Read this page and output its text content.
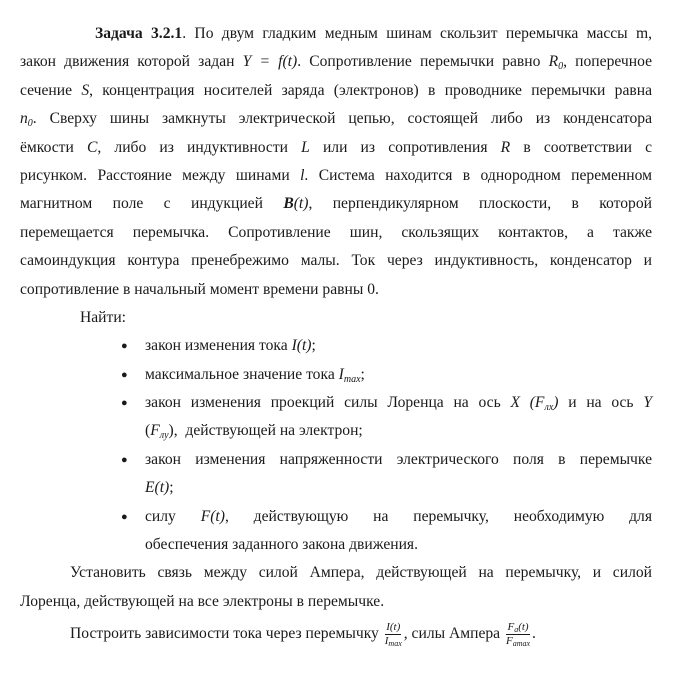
Задача 3.2.1. По двум гладким медным шинам скользит перемычка массы m,
закон движения которой задан Y = f(t). Сопротивление перемычки равно $R_0$, поперечное
сечение S, концентрация носителей заряда (электронов) в проводнике перемычки равна
$n_0$. Сверху шины замкнуты электрической цепью, состоящей либо из конденсатора
ёмкости C, либо из индуктивности L или из сопротивления R в соответствии с
рисунком. Расстояние между шинами l. Система находится в однородном переменном
магнитном поле с индукцией B(t), перпендикулярном плоскости, в которой
перемещается перемычка. Сопротивление шин, скользящих контактов, а также
самоиндукция контура пренебрежимо малы. Ток через индуктивность, конденсатор и
сопротивление в начальный момент времени равны 0.
Найти:
● закон изменения тока I(t);
● максимальное значение тока $I_{max}$;
● закон изменения проекций силы Лоренца на ось X $(F_{лx})$ и на ось Y
$(F_{лy})$,  действующей на электрон;
● закон изменения напряженности электрического поля в перемычке
E(t);
● силу F(t), действующую на перемычку, необходимую для
обеспечения заданного закона движения.
Установить связь между силой Ампера, действующей на перемычку, и силой
Лоренца, действующей на все электроны в перемычке.
Построить зависимости тока через перемычку $\frac{I(t)}{I_{max}}$ , силы Ампера $\frac{F_a(t)}{F_{amax}}$ .
